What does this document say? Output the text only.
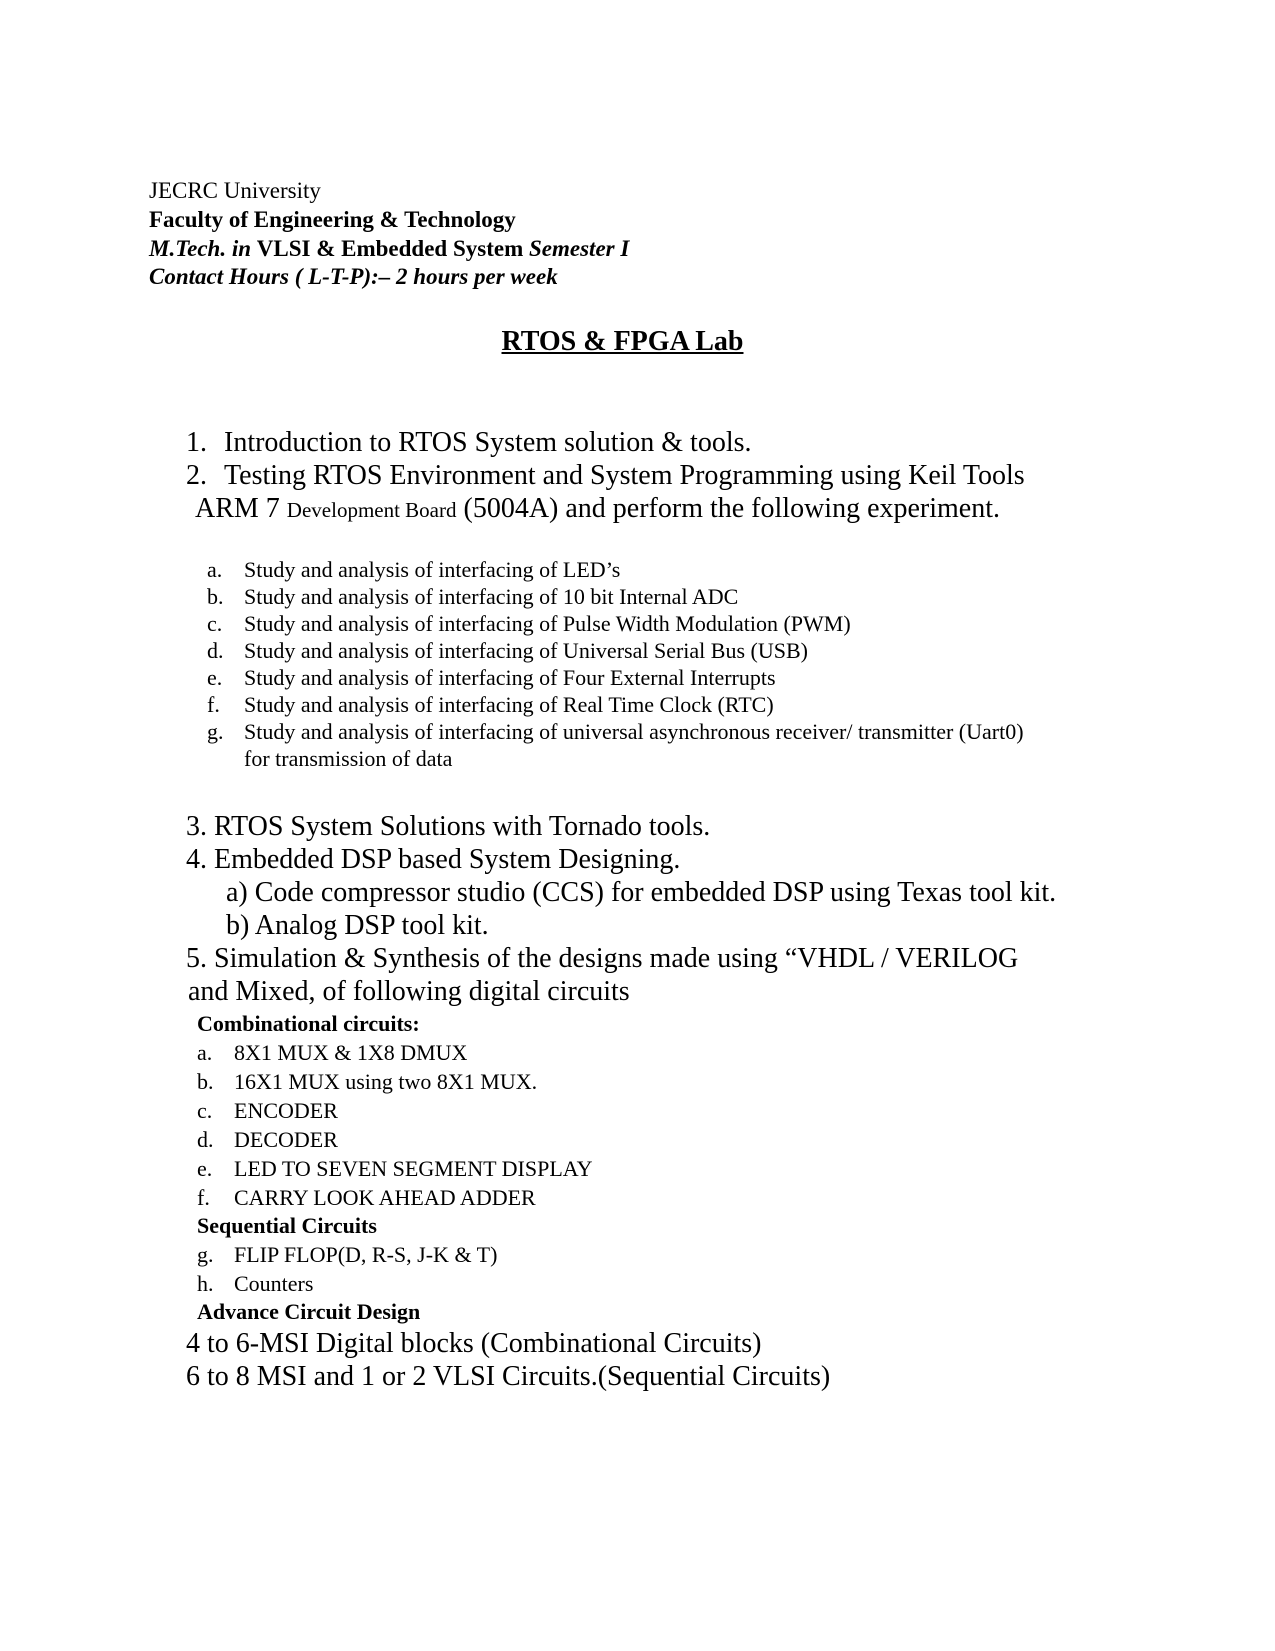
JECRC University
Faculty of Engineering & Technology
M.Tech. in VLSI & Embedded System Semester I
Contact Hours ( L-T-P):– 2 hours per week
RTOS & FPGA Lab
1. Introduction to RTOS System solution & tools.
2. Testing RTOS Environment and System Programming using Keil Tools
ARM 7 Development Board (5004A) and perform the following experiment.
a. Study and analysis of interfacing of LED’s
b. Study and analysis of interfacing of 10 bit Internal ADC
c. Study and analysis of interfacing of Pulse Width Modulation (PWM)
d. Study and analysis of interfacing of Universal Serial Bus (USB)
e. Study and analysis of interfacing of Four External Interrupts
f. Study and analysis of interfacing of Real Time Clock (RTC)
g. Study and analysis of interfacing of universal asynchronous receiver/ transmitter (Uart0)
for transmission of data
3. RTOS System Solutions with Tornado tools.
4. Embedded DSP based System Designing.
a) Code compressor studio (CCS) for embedded DSP using Texas tool kit.
b) Analog DSP tool kit.
5. Simulation & Synthesis of the designs made using “VHDL / VERILOG
and Mixed, of following digital circuits
Combinational circuits:
a. 8X1 MUX & 1X8 DMUX
b. 16X1 MUX using two 8X1 MUX.
c. ENCODER
d. DECODER
e. LED TO SEVEN SEGMENT DISPLAY
f. CARRY LOOK AHEAD ADDER
Sequential Circuits
g. FLIP FLOP(D, R-S, J-K & T)
h. Counters
Advance Circuit Design
4 to 6-MSI Digital blocks (Combinational Circuits)
6 to 8 MSI and 1 or 2 VLSI Circuits.(Sequential Circuits)
